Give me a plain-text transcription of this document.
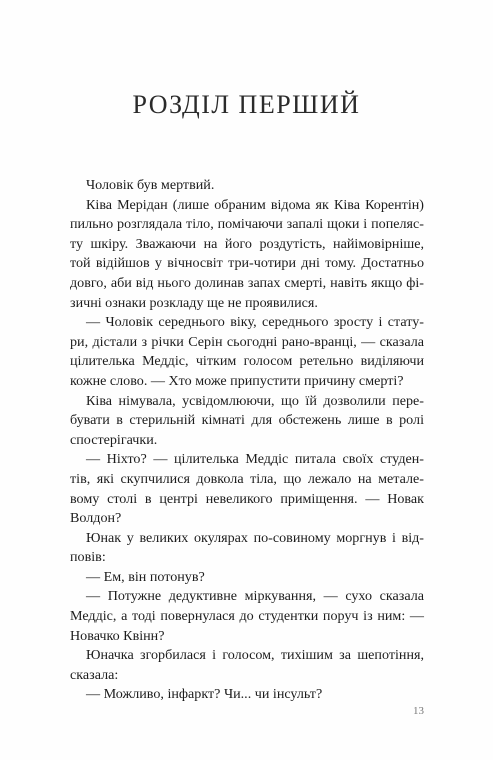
РОЗДІЛ ПЕРШИЙ
Чоловік був мертвий.
Ківа Мерідан (лише обраним відома як Ківа Корентін)
пильно розглядала тіло, помічаючи запалі щоки і попеляс-
ту шкіру. Зважаючи на його роздутість, найімовірніше,
той відійшов у вічносвіт три-чотири дні тому. Достатньо
довго, аби від нього долинав запах смерті, навіть якщо фі-
зичні ознаки розкладу ще не проявилися.
— Чоловік середнього віку, середнього зросту і стату-
ри, дістали з річки Серін сьогодні рано-вранці, — сказала
цілителька Меддіс, чітким голосом ретельно виділяючи
кожне слово. — Хто може припустити причину смерті?
Ківа німувала, усвідомлюючи, що їй дозволили пере-
бувати в стерильній кімнаті для обстежень лише в ролі
спостерігачки.
— Ніхто? — цілителька Меддіс питала своїх студен-
тів, які скупчилися довкола тіла, що лежало на метале-
вому столі в центрі невеликого приміщення. — Новак
Волдон?
Юнак у великих окулярах по-совиному моргнув і від-
повів:
— Ем, він потонув?
— Потужне дедуктивне міркування, — сухо сказала
Меддіс, а тоді повернулася до студентки поруч із ним: —
Новачко Квінн?
Юначка згорбилася і голосом, тихішим за шепотіння,
сказала:
— Можливо, інфаркт? Чи... чи інсульт?
13
